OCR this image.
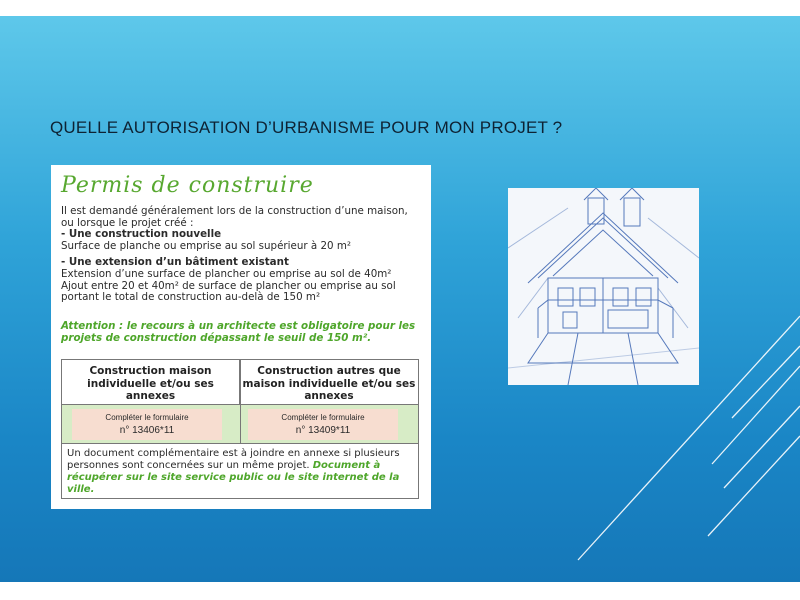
QUELLE AUTORISATION D’URBANISME POUR MON PROJET ?
Permis de construire

Il est demandé généralement lors de la construction d’une maison, ou lorsque le projet créé :

- Une construction nouvelle

Surface de planche ou emprise au sol supérieur à 20 m²

- Une extension d’un bâtiment existant

Extension d’une surface de plancher ou emprise au sol de 40m²

Ajout entre 20 et 40m² de surface de plancher ou emprise au sol portant le total de construction au-delà de 150 m²

Attention : le recours à un architecte est obligatoire pour les projets de construction dépassant le seuil de 150 m².
Construction maison individuelle et/ou ses annexes
Construction autres que maison individuelle et/ou ses annexes
Compléter le formulaire
n° 13406*11
Compléter le formulaire
n° 13409*11
Un document complémentaire est à joindre en annexe si plusieurs personnes sont concernées sur un même projet. Document à récupérer sur le site service public ou le site internet de la ville.
